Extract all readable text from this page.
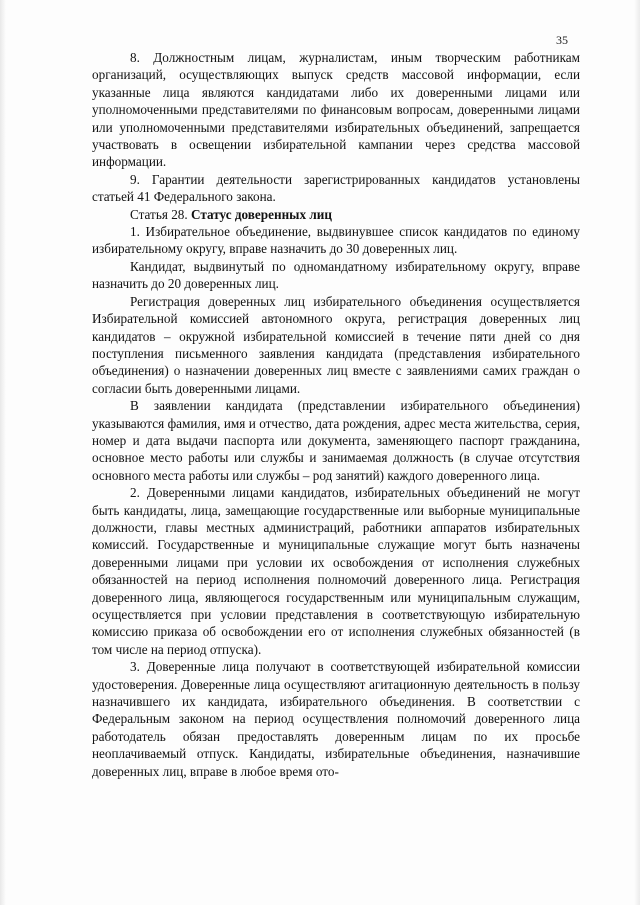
35

8. Должностным лицам, журналистам, иным творческим работникам организаций, осуществляющих выпуск средств массовой информации, если указанные лица являются кандидатами либо их доверенными лицами или уполномоченными представителями по финансовым вопросам, доверенными лицами или уполномоченными представителями избирательных объединений, запрещается участвовать в освещении избирательной кампании через средства массовой информации.

9. Гарантии деятельности зарегистрированных кандидатов установлены статьей 41 Федерального закона.

Статья 28. Статус доверенных лиц

1. Избирательное объединение, выдвинувшее список кандидатов по единому избирательному округу, вправе назначить до 30 доверенных лиц.

Кандидат, выдвинутый по одномандатному избирательному округу, вправе назначить до 20 доверенных лиц.

Регистрация доверенных лиц избирательного объединения осуществляется Избирательной комиссией автономного округа, регистрация доверенных лиц кандидатов – окружной избирательной комиссией в течение пяти дней со дня поступления письменного заявления кандидата (представления избирательного объединения) о назначении доверенных лиц вместе с заявлениями самих граждан о согласии быть доверенными лицами.

В заявлении кандидата (представлении избирательного объединения) указываются фамилия, имя и отчество, дата рождения, адрес места жительства, серия, номер и дата выдачи паспорта или документа, заменяющего паспорт гражданина, основное место работы или службы и занимаемая должность (в случае отсутствия основного места работы или службы – род занятий) каждого доверенного лица.

2. Доверенными лицами кандидатов, избирательных объединений не могут быть кандидаты, лица, замещающие государственные или выборные муниципальные должности, главы местных администраций, работники аппаратов избирательных комиссий. Государственные и муниципальные служащие могут быть назначены доверенными лицами при условии их освобождения от исполнения служебных обязанностей на период исполнения полномочий доверенного лица. Регистрация доверенного лица, являющегося государственным или муниципальным служащим, осуществляется при условии представления в соответствующую избирательную комиссию приказа об освобождении его от исполнения служебных обязанностей (в том числе на период отпуска).

3. Доверенные лица получают в соответствующей избирательной комиссии удостоверения. Доверенные лица осуществляют агитационную деятельность в пользу назначившего их кандидата, избирательного объединения. В соответствии с Федеральным законом на период осуществления полномочий доверенного лица работодатель обязан предоставлять доверенным лицам по их просьбе неоплачиваемый отпуск. Кандидаты, избирательные объединения, назначившие доверенных лиц, вправе в любое время ото-
